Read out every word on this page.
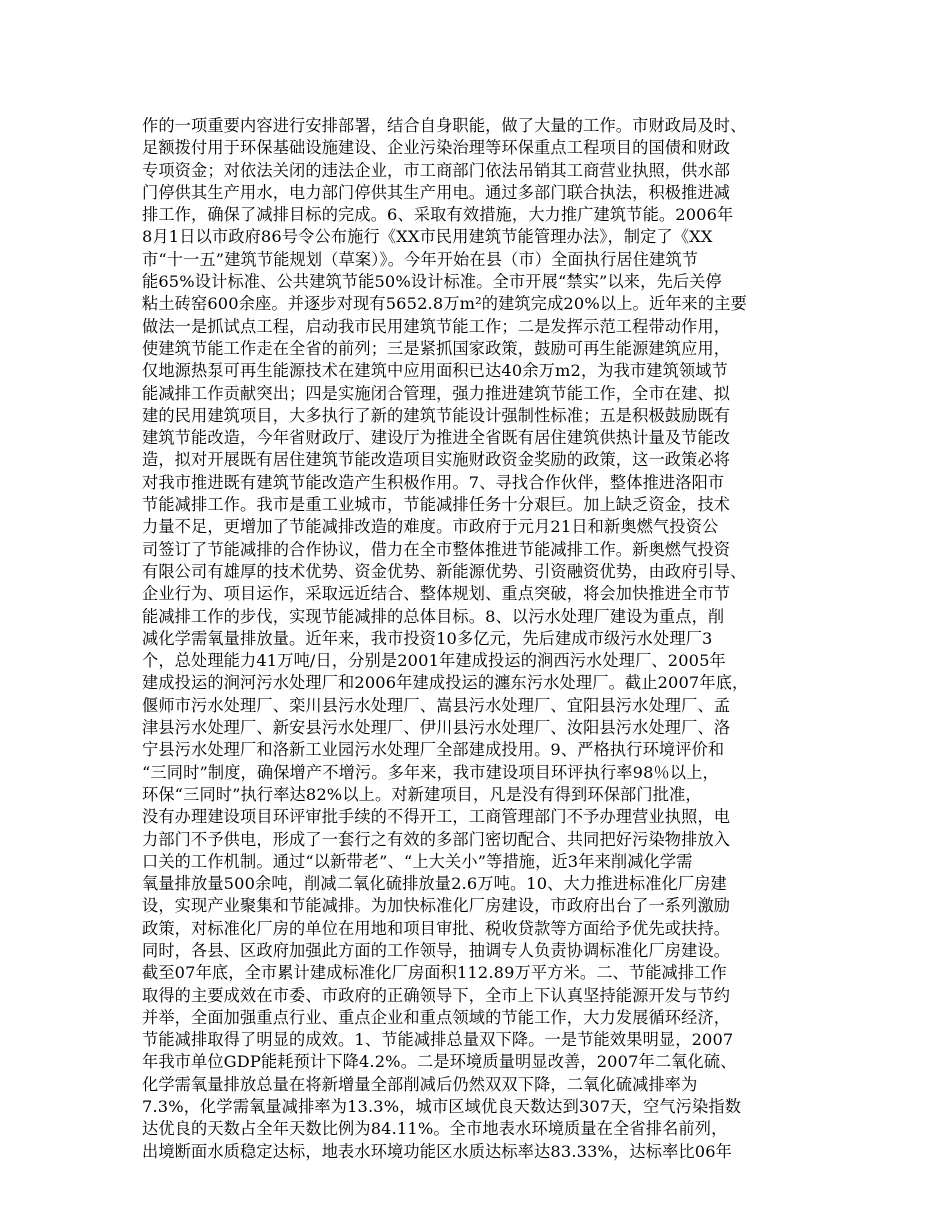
作的一项重要内容进行安排部署，结合自身职能，做了大量的工作。市财政局及时、
足额拨付用于环保基础设施建设、企业污染治理等环保重点工程项目的国债和财政
专项资金；对依法关闭的违法企业，市工商部门依法吊销其工商营业执照，供水部
门停供其生产用水，电力部门停供其生产用电。通过多部门联合执法，积极推进减
排工作，确保了减排目标的完成。6、采取有效措施，大力推广建筑节能。2006年
8月1日以市政府86号令公布施行《XX市民用建筑节能管理办法》，制定了《XX
市“十一五”建筑节能规划（草案）》。今年开始在县（市）全面执行居住建筑节
能65%设计标准、公共建筑节能50%设计标准。全市开展“禁实”以来，先后关停
粘土砖窑600余座。并逐步对现有5652.8万m²的建筑完成20%以上。近年来的主要
做法一是抓试点工程，启动我市民用建筑节能工作；二是发挥示范工程带动作用，
使建筑节能工作走在全省的前列；三是紧抓国家政策，鼓励可再生能源建筑应用，
仅地源热泵可再生能源技术在建筑中应用面积已达40余万m2，为我市建筑领域节
能减排工作贡献突出；四是实施闭合管理，强力推进建筑节能工作，全市在建、拟
建的民用建筑项目，大多执行了新的建筑节能设计强制性标准；五是积极鼓励既有
建筑节能改造，今年省财政厅、建设厅为推进全省既有居住建筑供热计量及节能改
造，拟对开展既有居住建筑节能改造项目实施财政资金奖励的政策，这一政策必将
对我市推进既有建筑节能改造产生积极作用。7、寻找合作伙伴，整体推进洛阳市
节能减排工作。我市是重工业城市，节能减排任务十分艰巨。加上缺乏资金，技术
力量不足，更增加了节能减排改造的难度。市政府于元月21日和新奥燃气投资公
司签订了节能减排的合作协议，借力在全市整体推进节能减排工作。新奥燃气投资
有限公司有雄厚的技术优势、资金优势、新能源优势、引资融资优势，由政府引导、
企业行为、项目运作，采取远近结合、整体规划、重点突破，将会加快推进全市节
能减排工作的步伐，实现节能减排的总体目标。8、以污水处理厂建设为重点，削
减化学需氧量排放量。近年来，我市投资10多亿元，先后建成市级污水处理厂3
个，总处理能力41万吨/日，分别是2001年建成投运的涧西污水处理厂、2005年
建成投运的涧河污水处理厂和2006年建成投运的瀍东污水处理厂。截止2007年底，
偃师市污水处理厂、栾川县污水处理厂、嵩县污水处理厂、宜阳县污水处理厂、孟
津县污水处理厂、新安县污水处理厂、伊川县污水处理厂、汝阳县污水处理厂、洛
宁县污水处理厂和洛新工业园污水处理厂全部建成投用。9、严格执行环境评价和
“三同时”制度，确保增产不增污。多年来，我市建设项目环评执行率98％以上，
环保“三同时”执行率达82%以上。对新建项目，凡是没有得到环保部门批准，
没有办理建设项目环评审批手续的不得开工，工商管理部门不予办理营业执照，电
力部门不予供电，形成了一套行之有效的多部门密切配合、共同把好污染物排放入
口关的工作机制。通过“以新带老”、“上大关小”等措施，近3年来削减化学需
氧量排放量500余吨，削减二氧化硫排放量2.6万吨。10、大力推进标准化厂房建
设，实现产业聚集和节能减排。为加快标准化厂房建设，市政府出台了一系列激励
政策，对标准化厂房的单位在用地和项目审批、税收贷款等方面给予优先或扶持。
同时，各县、区政府加强此方面的工作领导，抽调专人负责协调标准化厂房建设。
截至07年底，全市累计建成标准化厂房面积112.89万平方米。二、节能减排工作
取得的主要成效在市委、市政府的正确领导下，全市上下认真坚持能源开发与节约
并举，全面加强重点行业、重点企业和重点领域的节能工作，大力发展循环经济，
节能减排取得了明显的成效。1、节能减排总量双下降。一是节能效果明显，2007
年我市单位GDP能耗预计下降4.2%。二是环境质量明显改善，2007年二氧化硫、
化学需氧量排放总量在将新增量全部削减后仍然双双下降，二氧化硫减排率为
7.3%，化学需氧量减排率为13.3%，城市区域优良天数达到307天，空气污染指数
达优良的天数占全年天数比例为84.11%。全市地表水环境质量在全省排名前列，
出境断面水质稳定达标，地表水环境功能区水质达标率达83.33%，达标率比06年
